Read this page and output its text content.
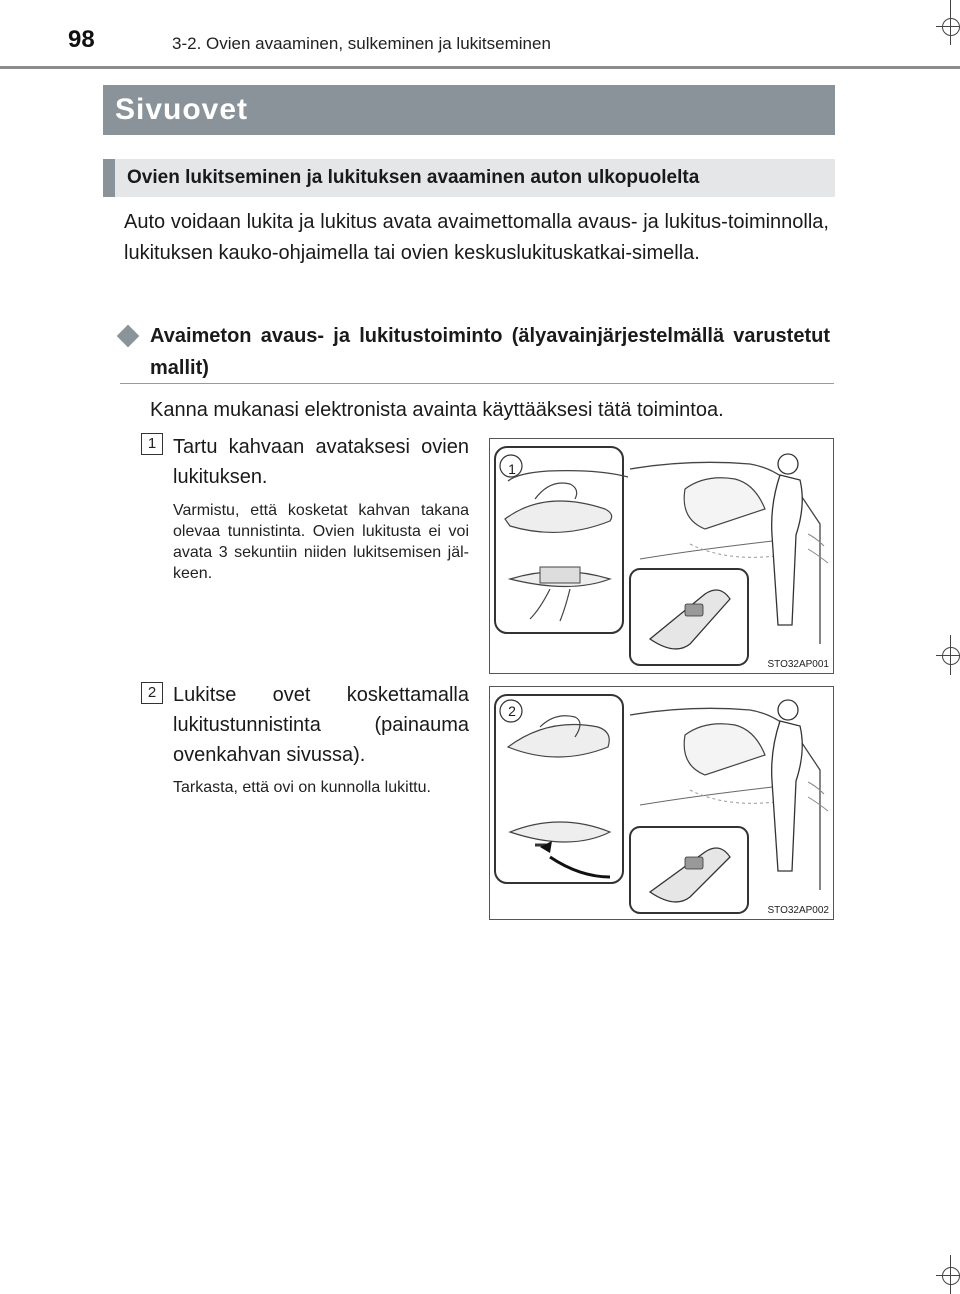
98	3-2. Ovien avaaminen, sulkeminen ja lukitseminen
Sivuovet
Ovien lukitseminen ja lukituksen avaaminen auton ulkopuolelta
Auto voidaan lukita ja lukitus avata avaimettomalla avaus- ja lukitus-toiminnolla, lukituksen kauko-ohjaimella tai ovien keskuslukituskatkai-simella.
Avaimeton avaus- ja lukitustoiminto (älyavainjärjestelmällä varustetut mallit)
Kanna mukanasi elektronista avainta käyttääksesi tätä toimintoa.
1 Tartu kahvaan avataksesi ovien lukituksen.
Varmistu, että kosketat kahvan takana olevaa tunnistinta. Ovien lukitusta ei voi avata 3 sekuntiin niiden lukitsemisen jäl-keen.
1
STO32AP001
2 Lukitse ovet koskettamalla lukitustunnistinta (painauma ovenkahvan sivussa).
Tarkasta, että ovi on kunnolla lukittu.
2
STO32AP002
